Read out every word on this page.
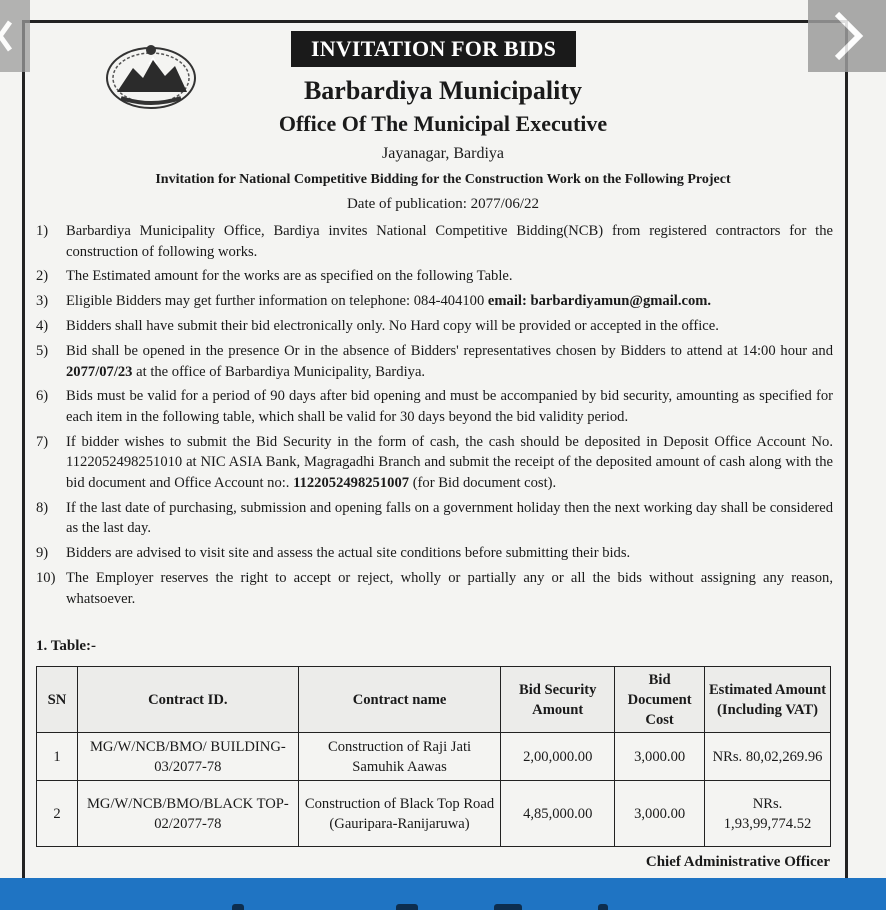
INVITATION FOR BIDS
Barbardiya Municipality
Office Of The Municipal Executive
Jayanagar, Bardiya
Invitation for National Competitive Bidding for the Construction Work on the Following Project
Date of publication: 2077/06/22
1) Barbardiya Municipality Office, Bardiya invites National Competitive Bidding(NCB) from registered contractors for the construction of following works.
2) The Estimated amount for the works are as specified on the following Table.
3) Eligible Bidders may get further information on telephone: 084-404100 email: barbardiyamun@gmail.com.
4) Bidders shall have submit their bid electronically only. No Hard copy will be provided or accepted in the office.
5) Bid shall be opened in the presence Or in the absence of Bidders' representatives chosen by Bidders to attend at 14:00 hour and 2077/07/23 at the office of Barbardiya Municipality, Bardiya.
6) Bids must be valid for a period of 90 days after bid opening and must be accompanied by bid security, amounting as specified for each item in the following table, which shall be valid for 30 days beyond the bid validity period.
7) If bidder wishes to submit the Bid Security in the form of cash, the cash should be deposited in Deposit Office Account No. 1122052498251010 at NIC ASIA Bank, Magragadhi Branch and submit the receipt of the deposited amount of cash along with the bid document and Office Account no:. 1122052498251007 (for Bid document cost).
8) If the last date of purchasing, submission and opening falls on a government holiday then the next working day shall be considered as the last day.
9) Bidders are advised to visit site and assess the actual site conditions before submitting their bids.
10) The Employer reserves the right to accept or reject, wholly or partially any or all the bids without assigning any reason, whatsoever.
1. Table:-
SN	Contract ID.	Contract name	Bid Security Amount	Bid Document Cost	Estimated Amount (Including VAT)
1	MG/W/NCB/BMO/ BUILDING- 03/2077-78	Construction of Raji Jati Samuhik Aawas	2,00,000.00	3,000.00	NRs. 80,02,269.96
2	MG/W/NCB/BMO/BLACK TOP- 02/2077-78	Construction of Black Top Road (Gauripara-Ranijaruwa)	4,85,000.00	3,000.00	NRs. 1,93,99,774.52
Chief Administrative Officer
